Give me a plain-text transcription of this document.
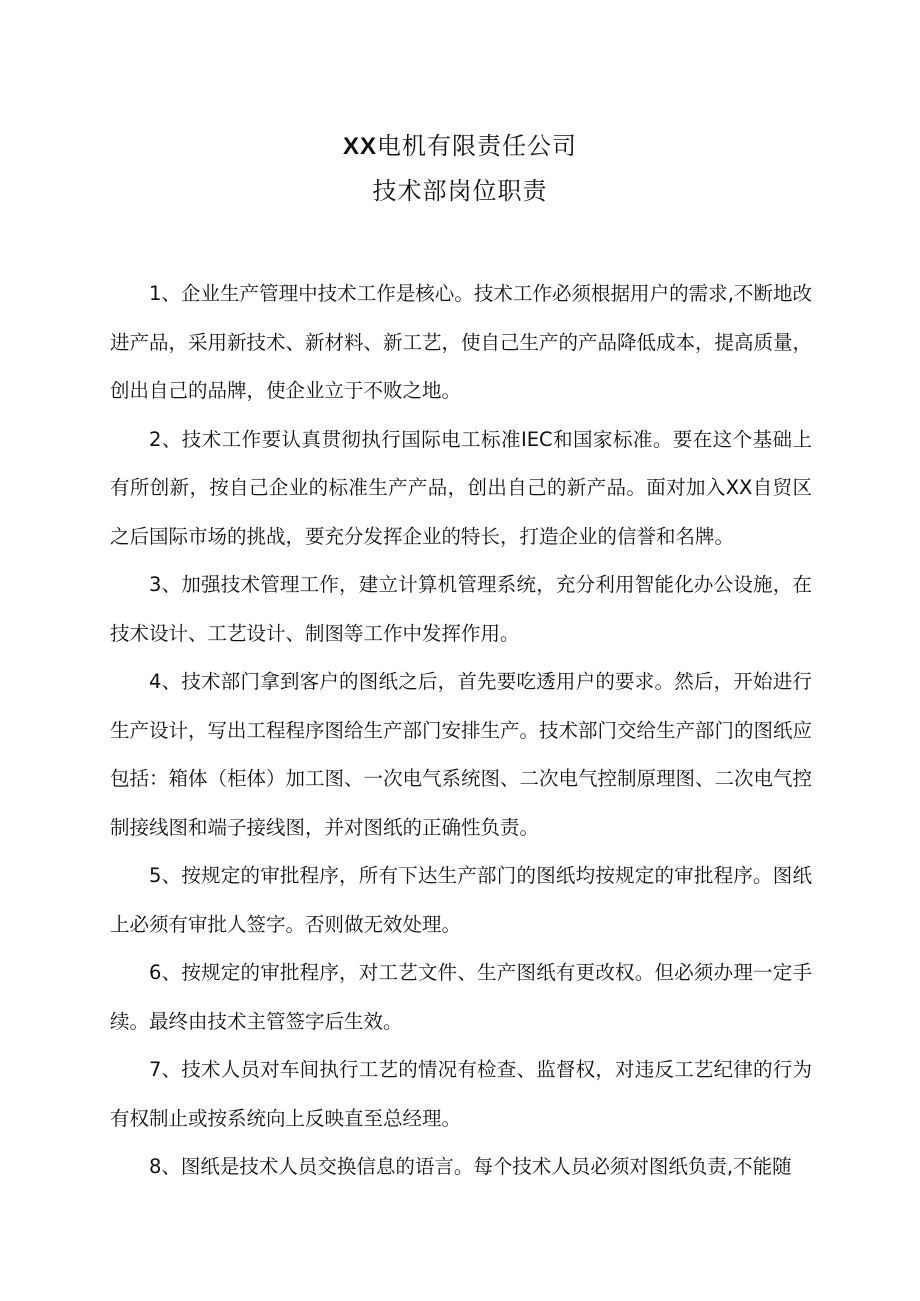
XX电机有限责任公司
技术部岗位职责

1、企业生产管理中技术工作是核心。技术工作必须根据用户的需求,不断地改进产品，采用新技术、新材料、新工艺，使自己生产的产品降低成本，提高质量，创出自己的品牌，使企业立于不败之地。

2、技术工作要认真贯彻执行国际电工标准IEC和国家标准。要在这个基础上有所创新，按自己企业的标准生产产品，创出自己的新产品。面对加入XX自贸区之后国际市场的挑战，要充分发挥企业的特长，打造企业的信誉和名牌。

3、加强技术管理工作，建立计算机管理系统，充分利用智能化办公设施，在技术设计、工艺设计、制图等工作中发挥作用。

4、技术部门拿到客户的图纸之后，首先要吃透用户的要求。然后，开始进行生产设计，写出工程程序图给生产部门安排生产。技术部门交给生产部门的图纸应包括：箱体（柜体）加工图、一次电气系统图、二次电气控制原理图、二次电气控制接线图和端子接线图，并对图纸的正确性负责。

5、按规定的审批程序，所有下达生产部门的图纸均按规定的审批程序。图纸上必须有审批人签字。否则做无效处理。

6、按规定的审批程序，对工艺文件、生产图纸有更改权。但必须办理一定手续。最终由技术主管签字后生效。

7、技术人员对车间执行工艺的情况有检查、监督权，对违反工艺纪律的行为有权制止或按系统向上反映直至总经理。

8、图纸是技术人员交换信息的语言。每个技术人员必须对图纸负责,不能随
